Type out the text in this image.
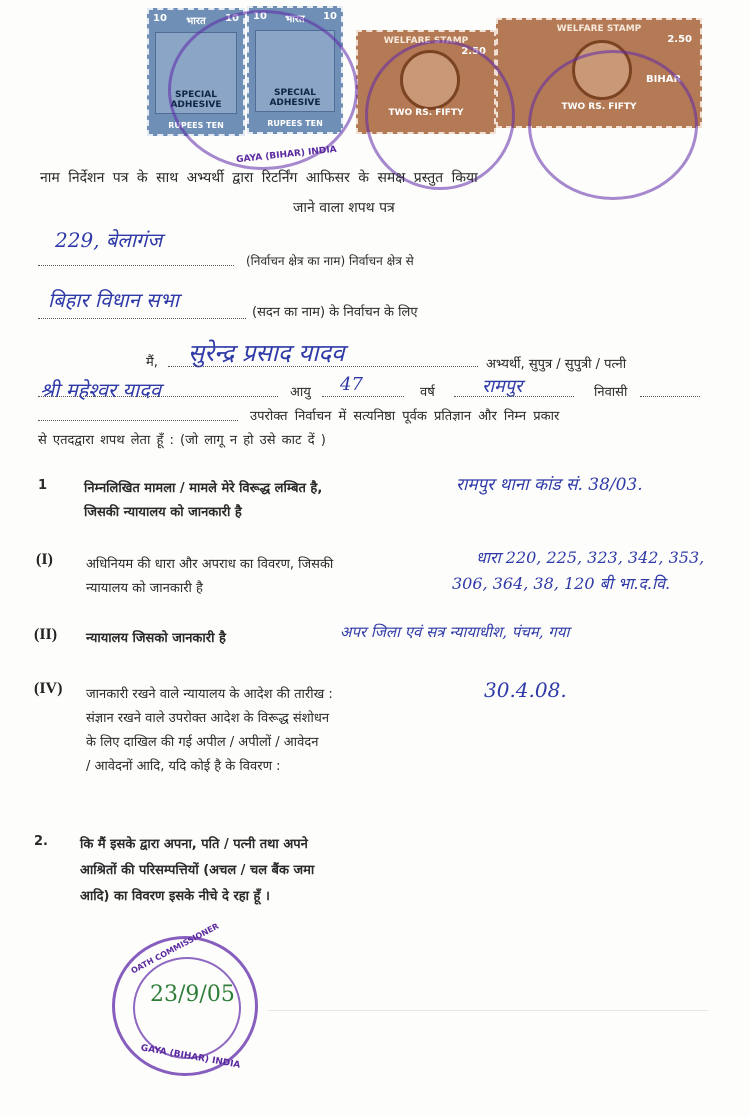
10 भारत 10
SPECIAL
ADHESIVE
RUPEES TEN
10 भारत 10
SPECIAL
ADHESIVE
RUPEES TEN
WELFARE STAMP
2.50
TWO RS. FIFTY
WELFARE STAMP
2.50
BIHAR
TWO RS. FIFTY
GAYA (BIHAR) INDIA
नाम निर्देशन पत्र के साथ अभ्यर्थी द्वारा रिटर्निंग आफिसर के समक्ष प्रस्तुत किया
जाने वाला शपथ पत्र
229, बेलागंज
(निर्वाचन क्षेत्र का नाम) निर्वाचन क्षेत्र से
बिहार विधान सभा
(सदन का नाम) के निर्वाचन के लिए
मैं, सुरेन्द्र प्रसाद यादव	अभ्यर्थी, सुपुत्र / सुपुत्री / पत्नी
श्री महेश्वर यादव	आयु 47	वर्ष	रामपुर	निवासी
उपरोक्त निर्वाचन में सत्यनिष्ठा पूर्वक प्रतिज्ञान और निम्न प्रकार
से एतदद्वारा शपथ लेता हूँ : (जो लागू न हो उसे काट दें )
1	निम्नलिखित मामला / मामले मेरे विरूद्ध लम्बित है,
जिसकी न्यायालय को जानकारी है
रामपुर थाना कांड सं. 38/03.
(I)	अधिनियम की धारा और अपराध का विवरण, जिसकी
न्यायालय को जानकारी है
धारा 220, 225, 323, 342, 353,
306, 364, 38, 120 बी भा.द.वि.
(II) न्यायालय जिसको जानकारी है	अपर जिला एवं सत्र न्यायाधीश, पंचम, गया
(IV) जानकारी रखने वाले न्यायालय के आदेश की तारीख :
संज्ञान रखने वाले उपरोक्त आदेश के विरूद्ध संशोधन
के लिए दाखिल की गई अपील / अपीलों / आवेदन
/ आवेदनों आदि, यदि कोई है के विवरण :
30.4.08.
2. कि मैं इसके द्वारा अपना, पति / पत्नी तथा अपने
आश्रितों की परिसम्पत्तियों (अचल / चल बैंक जमा
आदि) का विवरण इसके नीचे दे रहा हूँ ।
OATH COMMISSIONER
GAYA (BIHAR) INDIA
23/9/05
